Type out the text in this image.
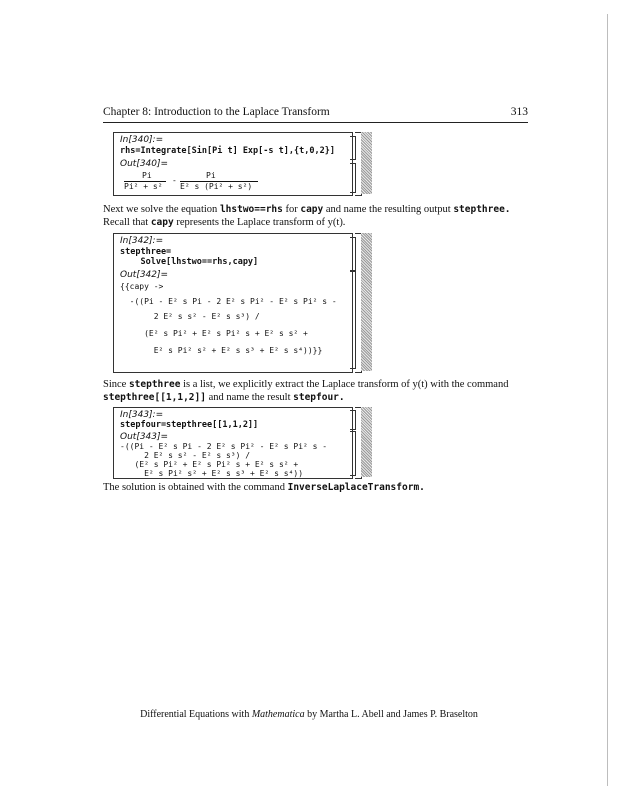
Chapter 8: Introduction to the Laplace Transform	313
In[340]:=
rhs=Integrate[Sin[Pi t] Exp[-s t],{t,0,2}]
Out[340]=
Pi
Pi² + s²
-
Pi
E² s (Pi² + s²)
Next we solve the equation lhstwo==rhs for capy and name the resulting output stepthree.
Recall that capy represents the Laplace transform of y(t).
In[342]:=
stepthree=
Solve[lhstwo==rhs,capy]
Out[342]=
{{capy ->
-((Pi - E² s Pi - 2 E² s Pi² - E² s Pi² s -
2 E² s s² - E² s s³) /
(E² s Pi² + E² s Pi² s + E² s s² +
E² s Pi² s² + E² s s³ + E² s s⁴))}}
Since stepthree is a list, we explicitly extract the Laplace transform of y(t) with the command
stepthree[[1,1,2]] and name the result stepfour.
In[343]:=
stepfour=stepthree[[1,1,2]]
Out[343]=
-((Pi - E² s Pi - 2 E² s Pi² - E² s Pi² s -
2 E² s s² - E² s s³) /
(E² s Pi² + E² s Pi² s + E² s s² +
E² s Pi² s² + E² s s³ + E² s s⁴))
The solution is obtained with the command InverseLaplaceTransform.
Differential Equations with Mathematica by Martha L. Abell and James P. Braselton
